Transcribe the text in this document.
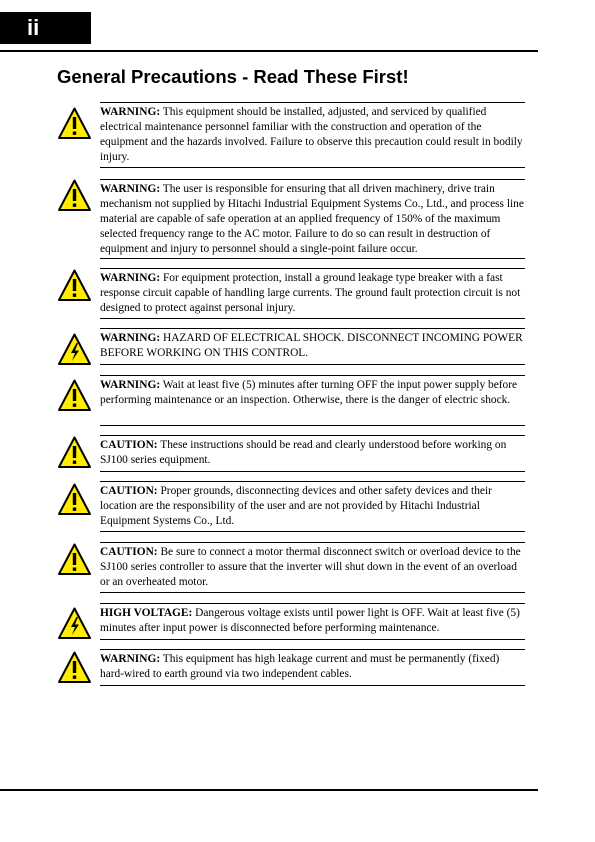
ii
General Precautions - Read These First!
WARNING: This equipment should be installed, adjusted, and serviced by qualified electrical maintenance personnel familiar with the construction and operation of the equipment and the hazards involved. Failure to observe this precaution could result in bodily injury.
WARNING: The user is responsible for ensuring that all driven machinery, drive train mechanism not supplied by Hitachi Industrial Equipment Systems Co., Ltd., and process line material are capable of safe operation at an applied frequency of 150% of the maximum selected frequency range to the AC motor. Failure to do so can result in destruction of equipment and injury to personnel should a single-point failure occur.
WARNING: For equipment protection, install a ground leakage type breaker with a fast response circuit capable of handling large currents. The ground fault protection circuit is not designed to protect against personal injury.
WARNING: HAZARD OF ELECTRICAL SHOCK. DISCONNECT INCOMING POWER BEFORE WORKING ON THIS CONTROL.
WARNING: Wait at least five (5) minutes after turning OFF the input power supply before performing maintenance or an inspection. Otherwise, there is the danger of electric shock.
CAUTION: These instructions should be read and clearly understood before working on SJ100 series equipment.
CAUTION: Proper grounds, disconnecting devices and other safety devices and their location are the responsibility of the user and are not provided by Hitachi Industrial Equipment Systems Co., Ltd.
CAUTION: Be sure to connect a motor thermal disconnect switch or overload device to the SJ100 series controller to assure that the inverter will shut down in the event of an overload or an overheated motor.
HIGH VOLTAGE: Dangerous voltage exists until power light is OFF. Wait at least five (5) minutes after input power is disconnected before performing maintenance.
WARNING: This equipment has high leakage current and must be permanently (fixed) hard-wired to earth ground via two independent cables.
